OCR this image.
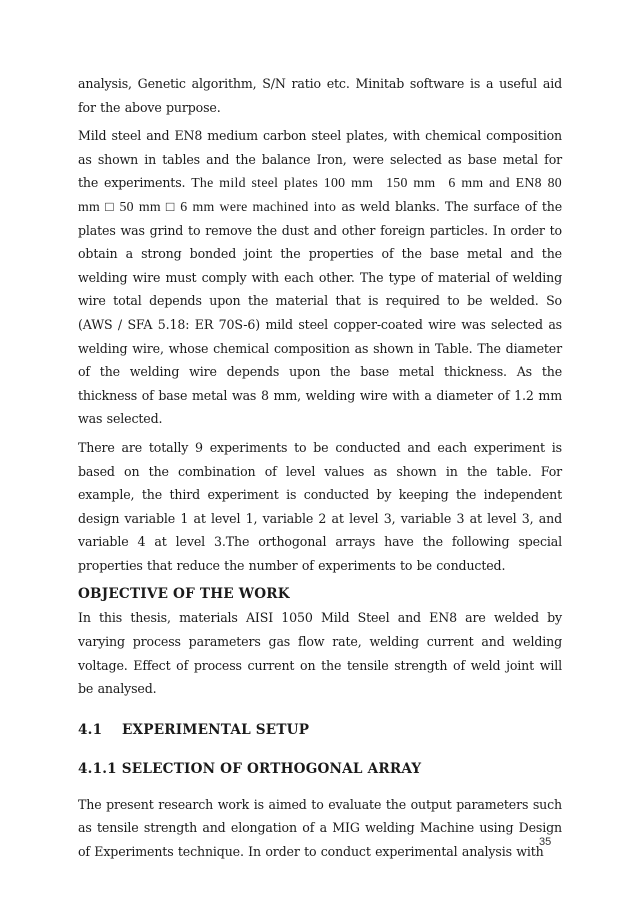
analysis, Genetic algorithm, S/N ratio etc. Minitab software is a useful aid for the above purpose.

Mild steel and EN8 medium carbon steel plates, with chemical composition as shown in tables and the balance Iron, were selected as base metal for the experiments. The mild steel plates 100 mm  150 mm  6 mm and EN8 80 mm □ 50 mm □ 6 mm were machined into as weld blanks. The surface of the plates was grind to remove the dust and other foreign particles. In order to obtain a strong bonded joint the properties of the base metal and the welding wire must comply with each other. The type of material of welding wire total depends upon the material that is required to be welded. So (AWS / SFA 5.18: ER 70S-6) mild steel copper-coated wire was selected as welding wire, whose chemical composition as shown in Table. The diameter of the welding wire depends upon the base metal thickness. As the thickness of base metal was 8 mm, welding wire with a diameter of 1.2 mm was selected.

There are totally 9 experiments to be conducted and each experiment is based on the combination of level values as shown in the table. For example, the third experiment is conducted by keeping the independent design variable 1 at level 1, variable 2 at level 3, variable 3 at level 3, and variable 4 at level 3.The orthogonal arrays have the following special properties that reduce the number of experiments to be conducted.

OBJECTIVE OF THE WORK

In this thesis, materials AISI 1050 Mild Steel and EN8 are welded by varying process parameters gas flow rate, welding current and welding voltage. Effect of process current on the tensile strength of weld joint will be analysed.

4.1 EXPERIMENTAL SETUP
4.1.1 SELECTION OF ORTHOGONAL ARRAY

The present research work is aimed to evaluate the output parameters such as tensile strength and elongation of a MIG welding Machine using Design of Experiments technique. In order to conduct experimental analysis with

35
